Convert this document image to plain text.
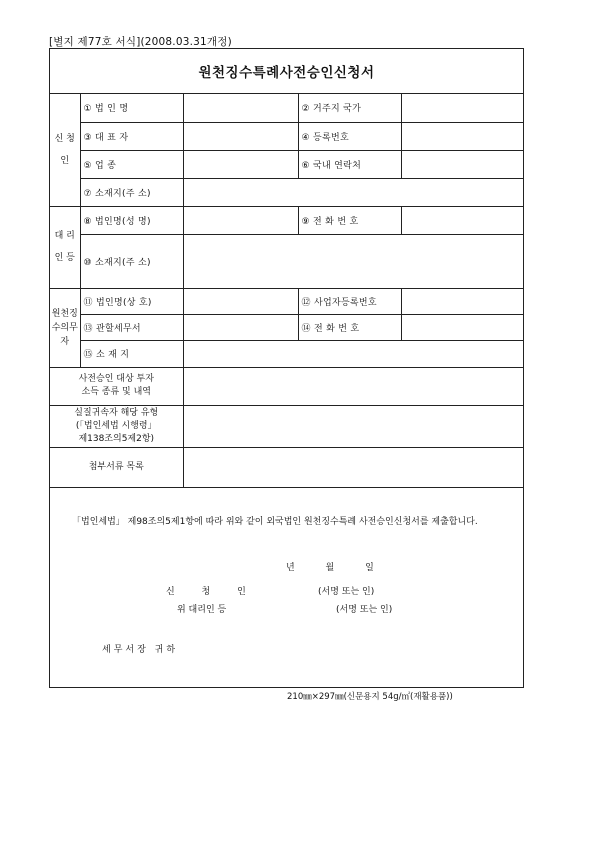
[별지 제77호 서식](2008.03.31개정)
원천징수특례사전승인신청서
신 청 인	① 법 인 명		② 거주지 국가	
	③ 대 표 자		④ 등록번호	
	⑤ 업 종		⑥ 국내 연락처	
	⑦ 소재지(주 소)			
대 리 인 등	⑧ 법인명(성 명)		⑨ 전 화 번 호	
	⑩ 소재지(주 소)			
원천징수의무자	⑪ 법인명(상 호)		⑫ 사업자등록번호	
	⑬ 관할세무서		⑭ 전 화 번 호	
	⑮ 소 재 지			

사전승인 대상 투자
소득 종류 및 내역				

실질귀속자 해당 유형
(「법인세법 시행령」
제138조의5제2항)				

첨부서류 목록				
「법인세법」 제98조의5제1항에 따라 위와 같이 외국법인 원천징수특례 사전승인신청서를 제출합니다.
년 월 일
신 청 인	(서명 또는 인)
위 대리인 등	(서명 또는 인)
세무서장 귀하
210㎜×297㎜(신문용지 54g/㎡(재활용품))
